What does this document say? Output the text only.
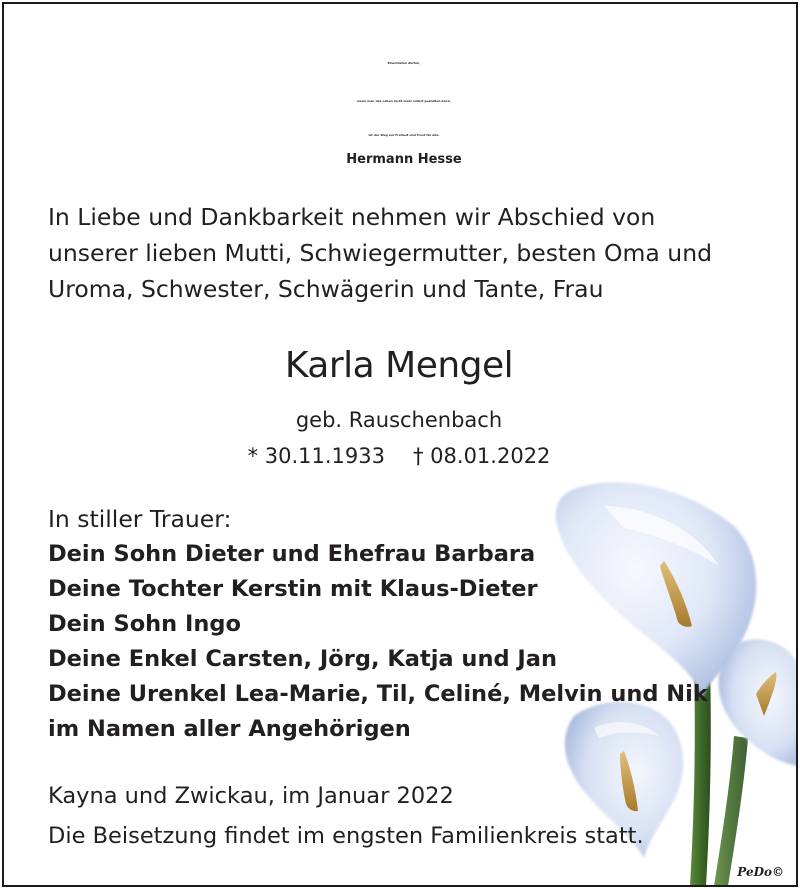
Einschlafen dürfen,
wenn man das Leben nicht mehr selbst gestalten kann,
ist der Weg zur Freiheit und Trost für alle.
Hermann Hesse
In Liebe und Dankbarkeit nehmen wir Abschied von
unserer lieben Mutti, Schwiegermutter, besten Oma und
Uroma, Schwester, Schwägerin und Tante, Frau
Karla Mengel
geb. Rauschenbach
* 30.11.1933 † 08.01.2022
In stiller Trauer:
Dein Sohn Dieter und Ehefrau Barbara
Deine Tochter Kerstin mit Klaus-Dieter
Dein Sohn Ingo
Deine Enkel Carsten, Jörg, Katja und Jan
Deine Urenkel Lea-Marie, Til, Celiné, Melvin und Nik
im Namen aller Angehörigen
Kayna und Zwickau, im Januar 2022
Die Beisetzung findet im engsten Familienkreis statt.
PeDo©
